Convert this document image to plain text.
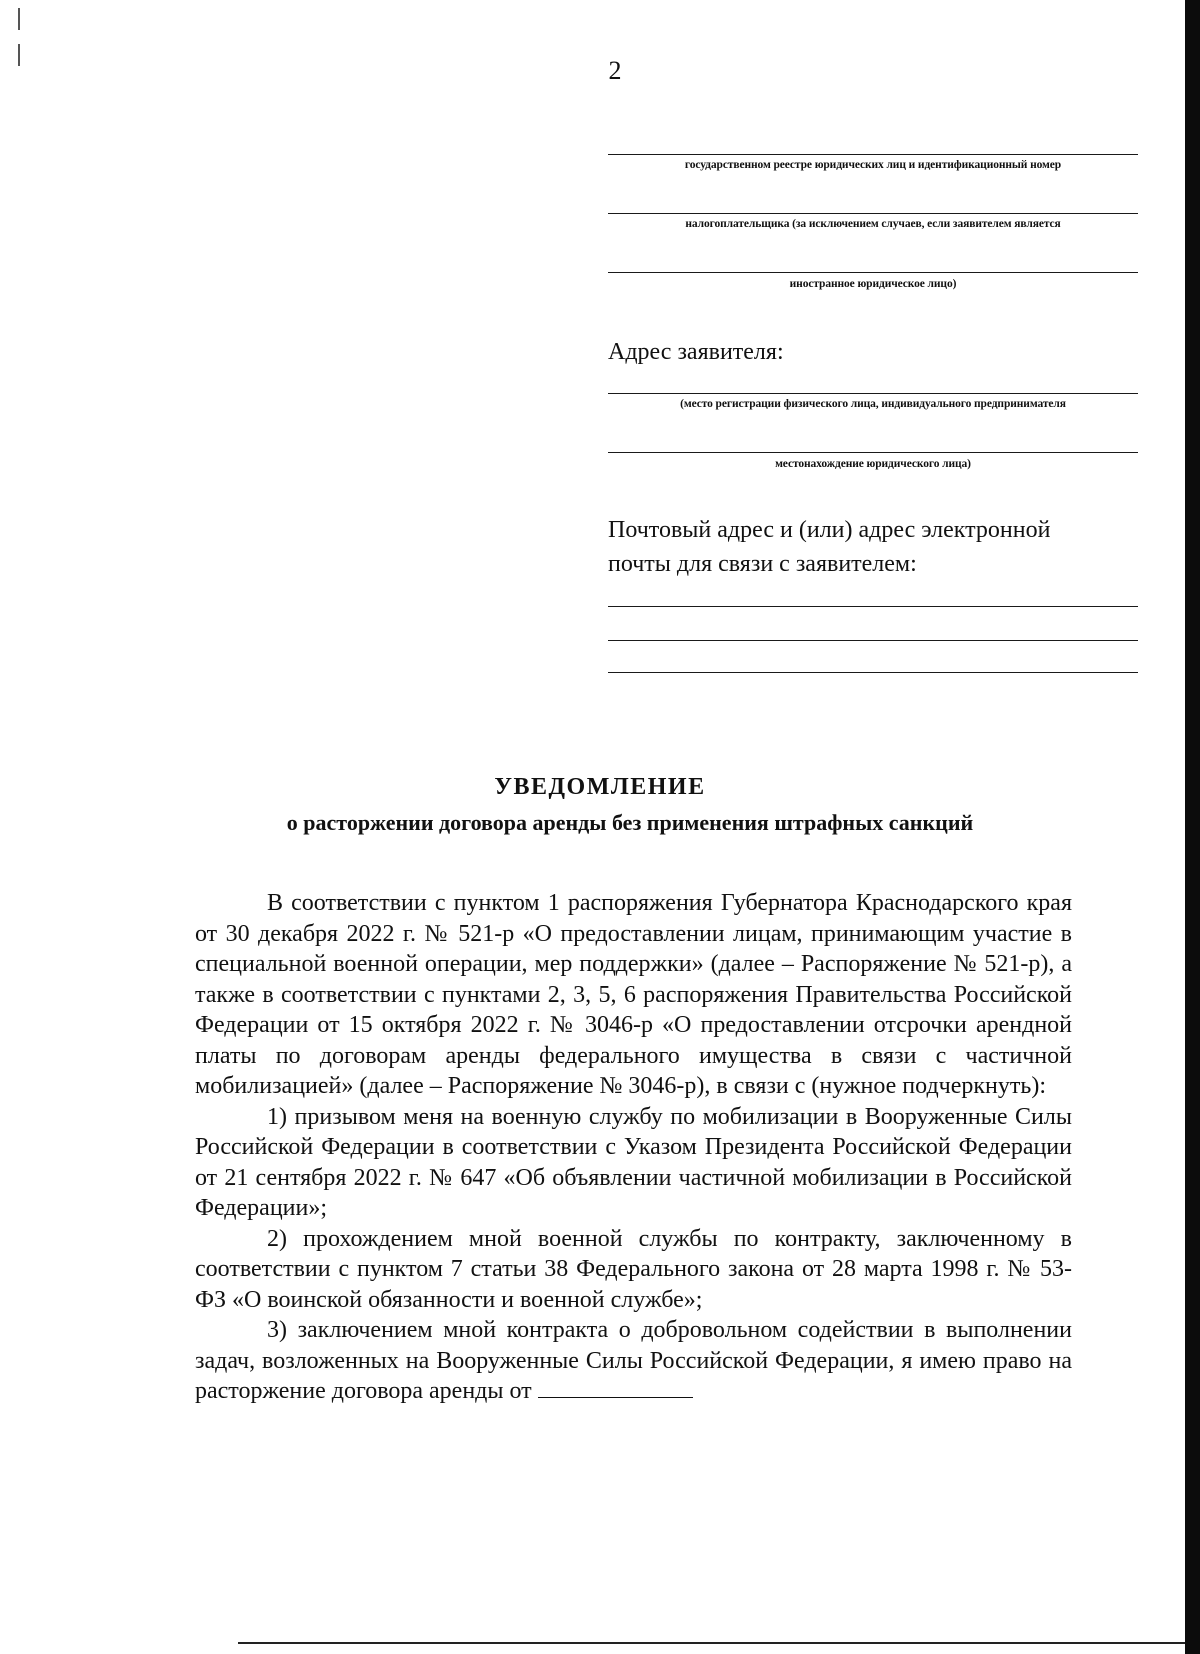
2
государственном реестре юридических лиц и идентификационный номер
налогоплательщика (за исключением случаев, если заявителем является
иностранное юридическое лицо)
Адрес заявителя:
(место регистрации физического лица, индивидуального предпринимателя
местонахождение юридического лица)
Почтовый адрес и (или) адрес электронной
почты для связи с заявителем:
УВЕДОМЛЕНИЕ
о расторжении договора аренды без применения штрафных санкций

В соответствии с пунктом 1 распоряжения Губернатора Краснодарского края от 30 декабря 2022 г. № 521-р «О предоставлении лицам, принимающим участие в специальной военной операции, мер поддержки» (далее – Распоряжение № 521-р), а также в соответствии с пунктами 2, 3, 5, 6 распоряжения Правительства Российской Федерации от 15 октября 2022 г. № 3046-р «О предоставлении отсрочки арендной платы по договорам аренды федерального имущества в связи с частичной мобилизацией» (далее – Распоряжение № 3046-р), в связи с (нужное подчеркнуть):

1) призывом меня на военную службу по мобилизации в Вооруженные Силы Российской Федерации в соответствии с Указом Президента Российской Федерации от 21 сентября 2022 г. № 647 «Об объявлении частичной мобилизации в Российской Федерации»;

2) прохождением мной военной службы по контракту, заключенному в соответствии с пунктом 7 статьи 38 Федерального закона от 28 марта 1998 г. № 53-ФЗ «О воинской обязанности и военной службе»;

3) заключением мной контракта о добровольном содействии в выполнении задач, возложенных на Вооруженные Силы Российской Федерации, я имею право на расторжение договора аренды от
